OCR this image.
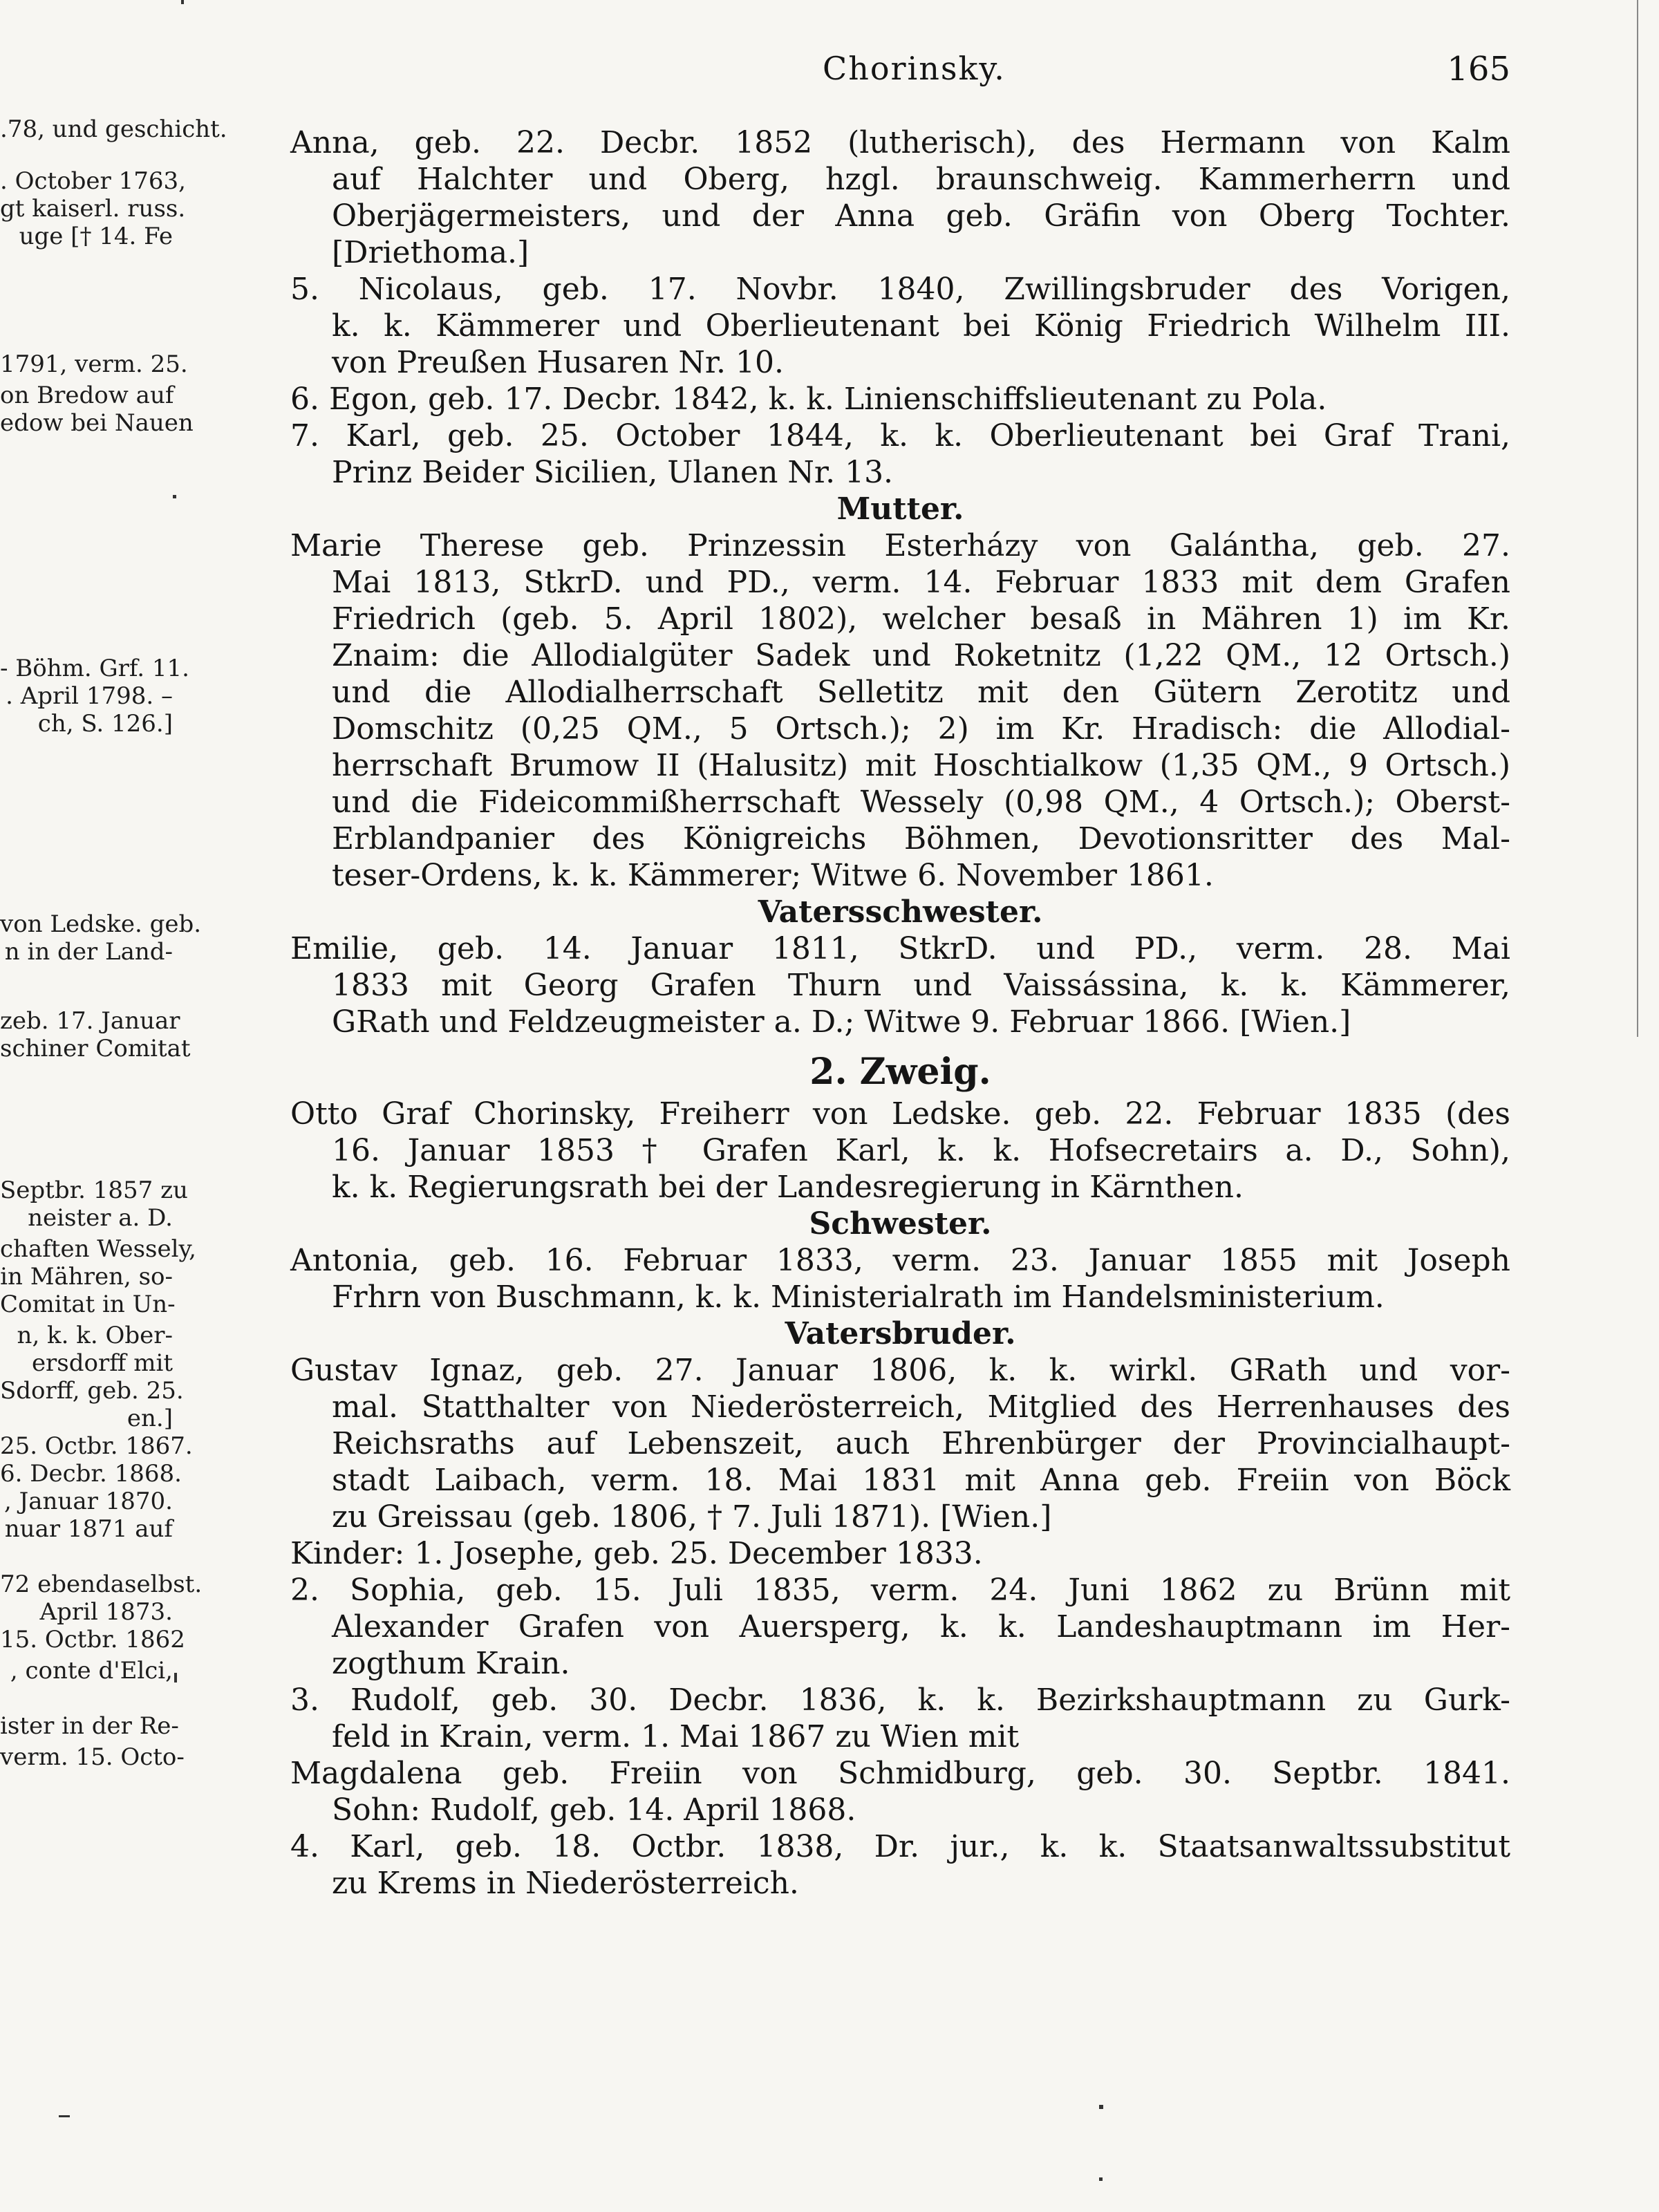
Chorinsky.	165
.78, und geschicht.
. October 1763,
gt kaiserl. russ.
uge [† 14. Fe
1791, verm. 25.
on Bredow auf
edow bei Nauen
- Böhm. Grf. 11.
. April 1798. –
ch, S. 126.]
von Ledske. geb.
n in der Land-
zeb. 17. Januar
schiner Comitat
Septbr. 1857 zu
neister a. D.
chaften Wessely,
in Mähren, so-
Comitat in Un-
n, k. k. Ober-
ersdorff mit
Sdorff, geb. 25.
en.]
25. Octbr. 1867.
6. Decbr. 1868.
, Januar 1870.
nuar 1871 auf
72 ebendaselbst.
April 1873.
15. Octbr. 1862
, conte d'Elci,
ister in der Re-
verm. 15. Octo-
Anna, geb. 22. Decbr. 1852 (lutherisch), des Hermann von Kalm
auf Halchter und Oberg, hzgl. braunschweig. Kammerherrn und
Oberjägermeisters, und der Anna geb. Gräfin von Oberg Tochter.
[Driethoma.]
5. Nicolaus, geb. 17. Novbr. 1840, Zwillingsbruder des Vorigen,
k. k. Kämmerer und Oberlieutenant bei König Friedrich Wilhelm III.
von Preußen Husaren Nr. 10.
6. Egon, geb. 17. Decbr. 1842, k. k. Linienschiffslieutenant zu Pola.
7. Karl, geb. 25. October 1844, k. k. Oberlieutenant bei Graf Trani,
Prinz Beider Sicilien, Ulanen Nr. 13.
Mutter.
Marie Therese geb. Prinzessin Esterházy von Galántha, geb. 27.
Mai 1813, StkrD. und PD., verm. 14. Februar 1833 mit dem Grafen
Friedrich (geb. 5. April 1802), welcher besaß in Mähren 1) im Kr.
Znaim: die Allodialgüter Sadek und Roketnitz (1,22 QM., 12 Ortsch.)
und die Allodialherrschaft Selletitz mit den Gütern Zerotitz und
Domschitz (0,25 QM., 5 Ortsch.); 2) im Kr. Hradisch: die Allodial-
herrschaft Brumow II (Halusitz) mit Hoschtialkow (1,35 QM., 9 Ortsch.)
und die Fideicommißherrschaft Wessely (0,98 QM., 4 Ortsch.); Oberst-
Erblandpanier des Königreichs Böhmen, Devotionsritter des Mal-
teser-Ordens, k. k. Kämmerer; Witwe 6. November 1861.
Vatersschwester.
Emilie, geb. 14. Januar 1811, StkrD. und PD., verm. 28. Mai
1833 mit Georg Grafen Thurn und Vaissássina, k. k. Kämmerer,
GRath und Feldzeugmeister a. D.; Witwe 9. Februar 1866. [Wien.]
2. Zweig.
Otto Graf Chorinsky, Freiherr von Ledske. geb. 22. Februar 1835 (des
16. Januar 1853 † Grafen Karl, k. k. Hofsecretairs a. D., Sohn),
k. k. Regierungsrath bei der Landesregierung in Kärnthen.
Schwester.
Antonia, geb. 16. Februar 1833, verm. 23. Januar 1855 mit Joseph
Frhrn von Buschmann, k. k. Ministerialrath im Handelsministerium.
Vatersbruder.
Gustav Ignaz, geb. 27. Januar 1806, k. k. wirkl. GRath und vor-
mal. Statthalter von Niederösterreich, Mitglied des Herrenhauses des
Reichsraths auf Lebenszeit, auch Ehrenbürger der Provincialhaupt-
stadt Laibach, verm. 18. Mai 1831 mit Anna geb. Freiin von Böck
zu Greissau (geb. 1806, † 7. Juli 1871). [Wien.]
Kinder: 1. Josephe, geb. 25. December 1833.
2. Sophia, geb. 15. Juli 1835, verm. 24. Juni 1862 zu Brünn mit
Alexander Grafen von Auersperg, k. k. Landeshauptmann im Her-
zogthum Krain.
3. Rudolf, geb. 30. Decbr. 1836, k. k. Bezirkshauptmann zu Gurk-
feld in Krain, verm. 1. Mai 1867 zu Wien mit
Magdalena geb. Freiin von Schmidburg, geb. 30. Septbr. 1841.
Sohn: Rudolf, geb. 14. April 1868.
4. Karl, geb. 18. Octbr. 1838, Dr. jur., k. k. Staatsanwaltssubstitut
zu Krems in Niederösterreich.
